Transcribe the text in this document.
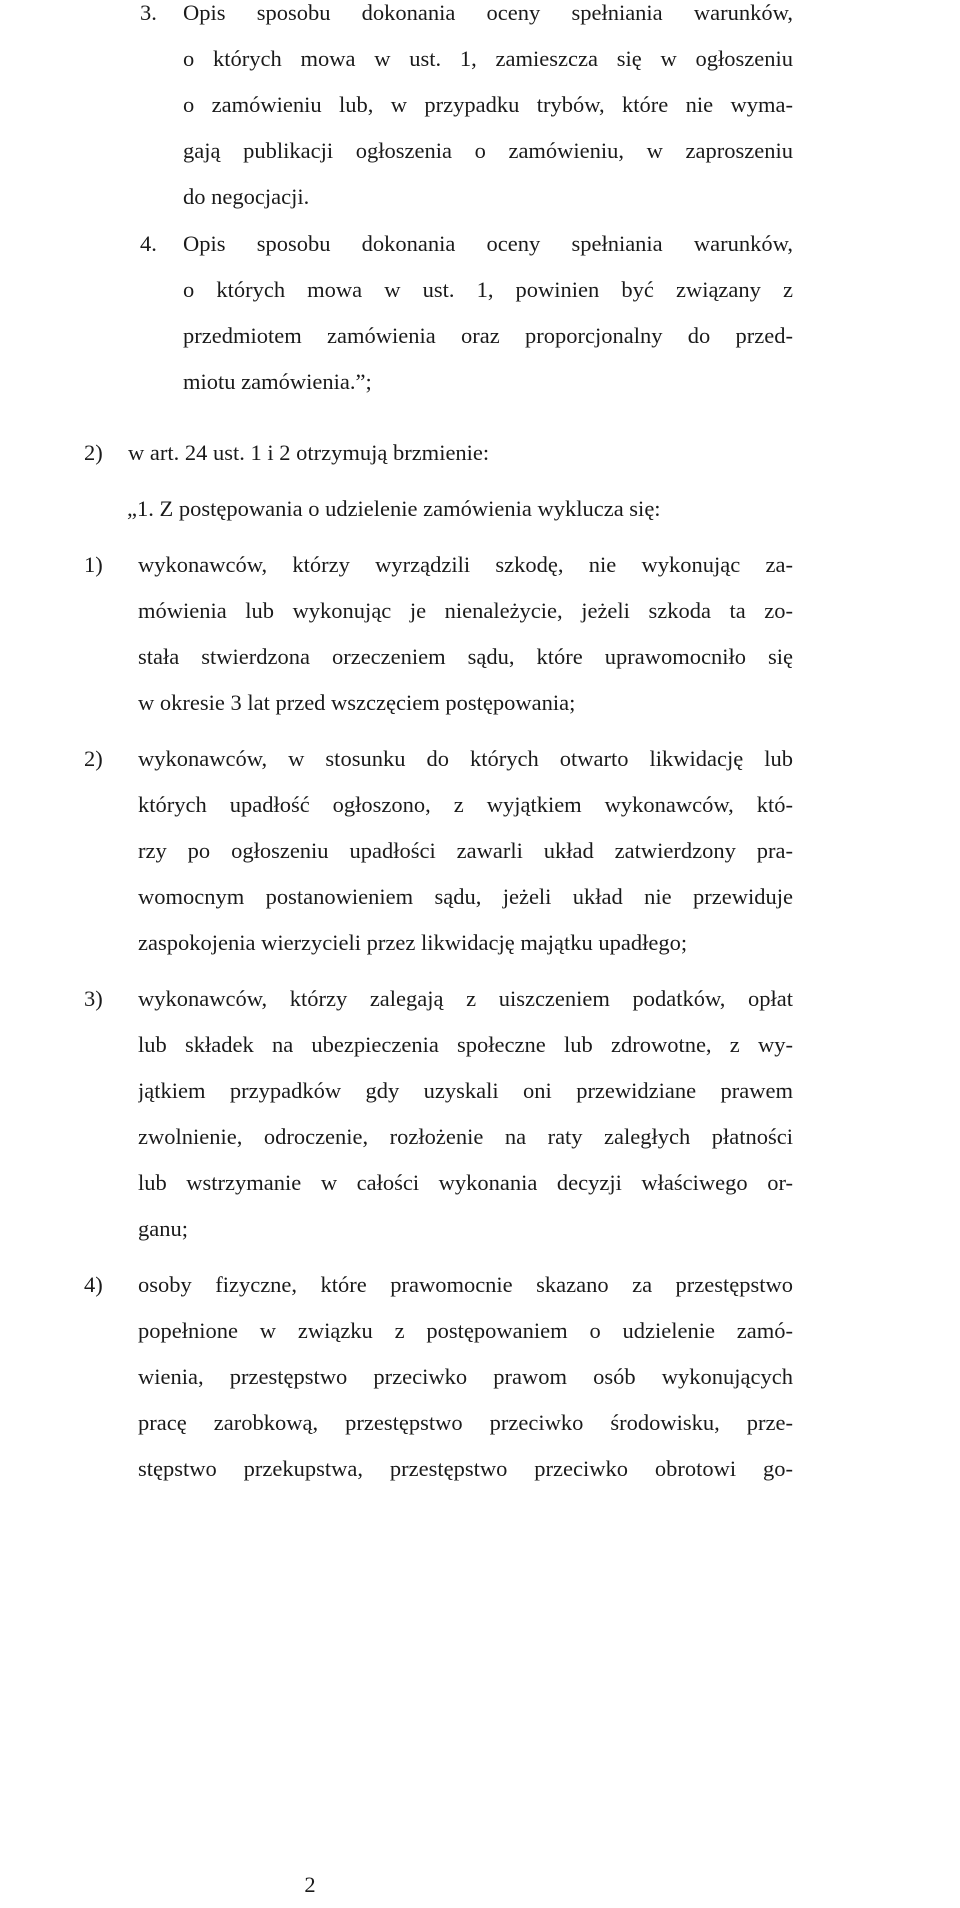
3. Opis sposobu dokonania oceny spełniania warunków,
o których mowa w ust. 1, zamieszcza się w ogłoszeniu
o zamówieniu lub, w przypadku trybów, które nie wyma-
gają publikacji ogłoszenia o zamówieniu, w zaproszeniu
do negocjacji.
4. Opis sposobu dokonania oceny spełniania warunków,
o których mowa w ust. 1, powinien być związany z
przedmiotem zamówienia oraz proporcjonalny do przed-
miotu zamówienia.”;
2) w art. 24 ust. 1 i 2 otrzymują brzmienie:
„1. Z postępowania o udzielenie zamówienia wyklucza się:
1) wykonawców, którzy wyrządzili szkodę, nie wykonując za-
mówienia lub wykonując je nienależycie, jeżeli szkoda ta zo-
stała stwierdzona orzeczeniem sądu, które uprawomocniło się
w okresie 3 lat przed wszczęciem postępowania;
2) wykonawców, w stosunku do których otwarto likwidację lub
których upadłość ogłoszono, z wyjątkiem wykonawców, któ-
rzy po ogłoszeniu upadłości zawarli układ zatwierdzony pra-
womocnym postanowieniem sądu, jeżeli układ nie przewiduje
zaspokojenia wierzycieli przez likwidację majątku upadłego;
3) wykonawców, którzy zalegają z uiszczeniem podatków, opłat
lub składek na ubezpieczenia społeczne lub zdrowotne, z wy-
jątkiem przypadków gdy uzyskali oni przewidziane prawem
zwolnienie, odroczenie, rozłożenie na raty zaległych płatności
lub wstrzymanie w całości wykonania decyzji właściwego or-
ganu;
4) osoby fizyczne, które prawomocnie skazano za przestępstwo
popełnione w związku z postępowaniem o udzielenie zamó-
wienia, przestępstwo przeciwko prawom osób wykonujących
pracę zarobkową, przestępstwo przeciwko środowisku, prze-
stępstwo przekupstwa, przestępstwo przeciwko obrotowi go-
2
